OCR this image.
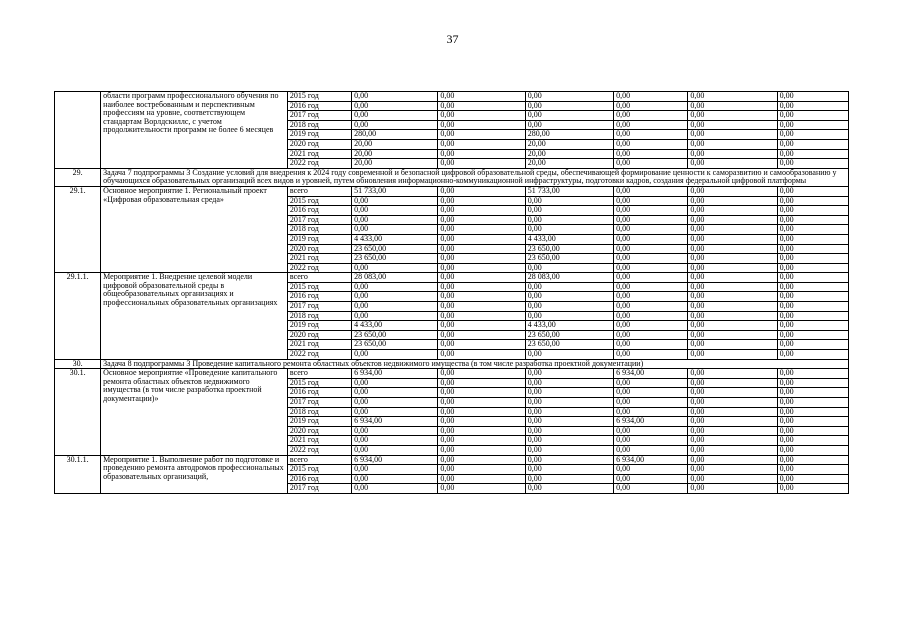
37
	области программ профессионального обучения по наиболее востребованным и перспективным профессиям на уровне, соответствующем стандартам Ворлдскиллс, с учетом продолжительности программ не более 6 месяцев	2015 год	0,00	0,00	0,00	0,00	0,00	0,00
		2016 год	0,00	0,00	0,00	0,00	0,00	0,00
		2017 год	0,00	0,00	0,00	0,00	0,00	0,00
		2018 год	0,00	0,00	0,00	0,00	0,00	0,00
		2019 год	280,00	0,00	280,00	0,00	0,00	0,00
		2020 год	20,00	0,00	20,00	0,00	0,00	0,00
		2021 год	20,00	0,00	20,00	0,00	0,00	0,00
		2022 год	20,00	0,00	20,00	0,00	0,00	0,00
29.	Задача 7 подпрограммы 3 Создание условий для внедрения к 2024 году современной и безопасной цифровой образовательной среды, обеспечивающей формирование ценности к саморазвитию и самообразованию у обучающихся образовательных организаций всех видов и уровней, путем обновления информационно-коммуникационной инфраструктуры, подготовки кадров, создания федеральной цифровой платформы							
29.1.	Основное мероприятие 1. Региональный проект «Цифровая образовательная среда»	всего	51 733,00	0,00	51 733,00	0,00	0,00	0,00
		2015 год	0,00	0,00	0,00	0,00	0,00	0,00
		2016 год	0,00	0,00	0,00	0,00	0,00	0,00
		2017 год	0,00	0,00	0,00	0,00	0,00	0,00
		2018 год	0,00	0,00	0,00	0,00	0,00	0,00
		2019 год	4 433,00	0,00	4 433,00	0,00	0,00	0,00
		2020 год	23 650,00	0,00	23 650,00	0,00	0,00	0,00
		2021 год	23 650,00	0,00	23 650,00	0,00	0,00	0,00
		2022 год	0,00	0,00	0,00	0,00	0,00	0,00
29.1.1.	Мероприятие 1. Внедрение целевой модели цифровой образовательной среды в общеобразовательных организациях и профессиональных образовательных организациях	всего	28 083,00	0,00	28 083,00	0,00	0,00	0,00
		2015 год	0,00	0,00	0,00	0,00	0,00	0,00
		2016 год	0,00	0,00	0,00	0,00	0,00	0,00
		2017 год	0,00	0,00	0,00	0,00	0,00	0,00
		2018 год	0,00	0,00	0,00	0,00	0,00	0,00
		2019 год	4 433,00	0,00	4 433,00	0,00	0,00	0,00
		2020 год	23 650,00	0,00	23 650,00	0,00	0,00	0,00
		2021 год	23 650,00	0,00	23 650,00	0,00	0,00	0,00
		2022 год	0,00	0,00	0,00	0,00	0,00	0,00
30.	Задача 8 подпрограммы 3 Проведение капитального ремонта областных объектов недвижимого имущества (в том числе разработка проектной документации)							
30.1.	Основное мероприятие «Проведение капитального ремонта областных объектов недвижимого имущества (в том числе разработка проектной документации)»	всего	6 934,00	0,00	0,00	6 934,00	0,00	0,00
		2015 год	0,00	0,00	0,00	0,00	0,00	0,00
		2016 год	0,00	0,00	0,00	0,00	0,00	0,00
		2017 год	0,00	0,00	0,00	0,00	0,00	0,00
		2018 год	0,00	0,00	0,00	0,00	0,00	0,00
		2019 год	6 934,00	0,00	0,00	6 934,00	0,00	0,00
		2020 год	0,00	0,00	0,00	0,00	0,00	0,00
		2021 год	0,00	0,00	0,00	0,00	0,00	0,00
		2022 год	0,00	0,00	0,00	0,00	0,00	0,00
30.1.1.	Мероприятие 1. Выполнение работ по подготовке и проведению ремонта автодромов профессиональных образовательных организаций,	всего	6 934,00	0,00	0,00	6 934,00	0,00	0,00
		2015 год	0,00	0,00	0,00	0,00	0,00	0,00
		2016 год	0,00	0,00	0,00	0,00	0,00	0,00
		2017 год	0,00	0,00	0,00	0,00	0,00	0,00
